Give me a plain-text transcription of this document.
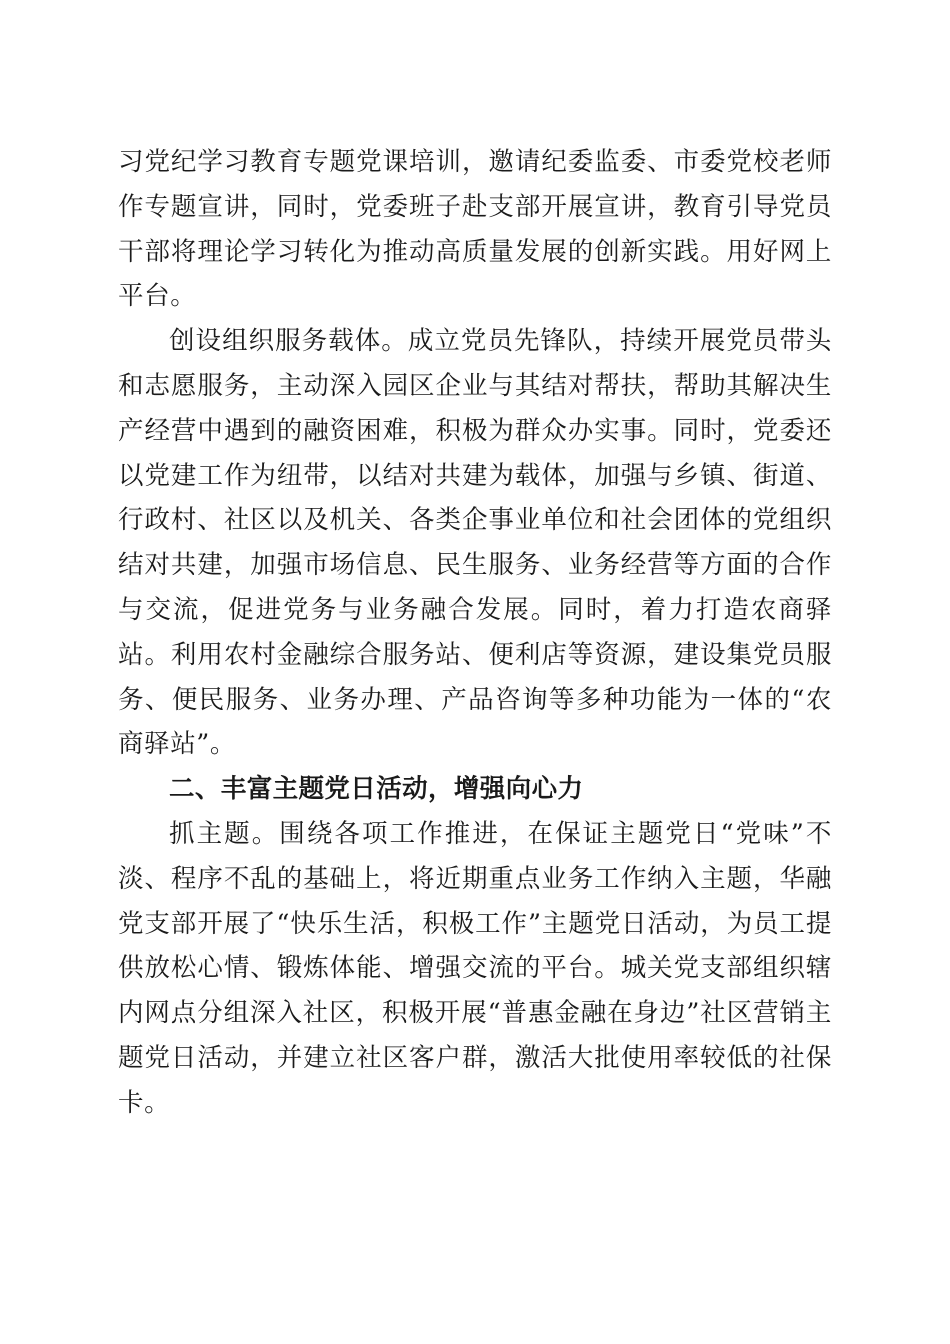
习党纪学习教育专题党课培训，邀请纪委监委、市委党校老师作专题宣讲，同时，党委班子赴支部开展宣讲，教育引导党员干部将理论学习转化为推动高质量发展的创新实践。用好网上平台。

创设组织服务载体。成立党员先锋队，持续开展党员带头和志愿服务，主动深入园区企业与其结对帮扶，帮助其解决生产经营中遇到的融资困难，积极为群众办实事。同时，党委还以党建工作为纽带，以结对共建为载体，加强与乡镇、街道、行政村、社区以及机关、各类企事业单位和社会团体的党组织结对共建，加强市场信息、民生服务、业务经营等方面的合作与交流，促进党务与业务融合发展。同时，着力打造农商驿站。利用农村金融综合服务站、便利店等资源，建设集党员服务、便民服务、业务办理、产品咨询等多种功能为一体的“农商驿站”。

二、丰富主题党日活动，增强向心力

抓主题。围绕各项工作推进，在保证主题党日“党味”不淡、程序不乱的基础上，将近期重点业务工作纳入主题，华融党支部开展了“快乐生活，积极工作”主题党日活动，为员工提供放松心情、锻炼体能、增强交流的平台。城关党支部组织辖内网点分组深入社区，积极开展“普惠金融在身边”社区营销主题党日活动，并建立社区客户群，激活大批使用率较低的社保卡。
